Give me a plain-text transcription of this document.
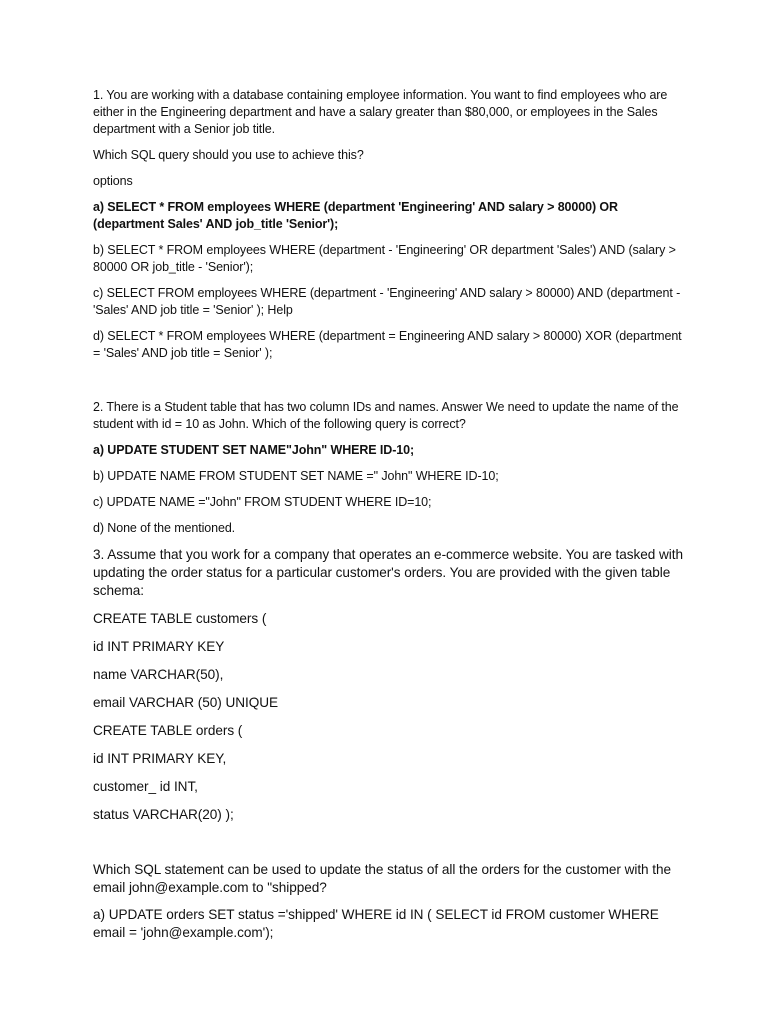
1. You are working with a database containing employee information. You want to find employees who are either in the Engineering department and have a salary greater than $80,000, or employees in the Sales department with a Senior job title.

Which SQL query should you use to achieve this?

options

a) SELECT * FROM employees WHERE (department 'Engineering' AND salary > 80000) OR (department Sales' AND job_title 'Senior');

b) SELECT * FROM employees WHERE (department - 'Engineering' OR department 'Sales') AND (salary > 80000 OR job_title - 'Senior');

c) SELECT FROM employees WHERE (department - 'Engineering' AND salary > 80000) AND (department - 'Sales' AND job title = 'Senior' ); Help

d) SELECT * FROM employees WHERE (department = Engineering AND salary > 80000) XOR (department = 'Sales' AND job title = Senior' );

2. There is a Student table that has two column IDs and names. Answer We need to update the name of the student with id = 10 as John. Which of the following query is correct?

a) UPDATE STUDENT SET NAME"John" WHERE ID-10;

b) UPDATE NAME FROM STUDENT SET NAME =" John" WHERE ID-10;

c) UPDATE NAME ="John" FROM STUDENT WHERE ID=10;

d) None of the mentioned.

3. Assume that you work for a company that operates an e-commerce website. You are tasked with updating the order status for a particular customer's orders. You are provided with the given table schema:

CREATE TABLE customers (

id INT PRIMARY KEY

name VARCHAR(50),

email VARCHAR (50) UNIQUE

CREATE TABLE orders (

id INT PRIMARY KEY,

customer_ id INT,

status VARCHAR(20) );

Which SQL statement can be used to update the status of all the orders for the customer with the email john@example.com to "shipped?

a) UPDATE orders SET status ='shipped' WHERE id IN ( SELECT id FROM customer WHERE email = 'john@example.com');
